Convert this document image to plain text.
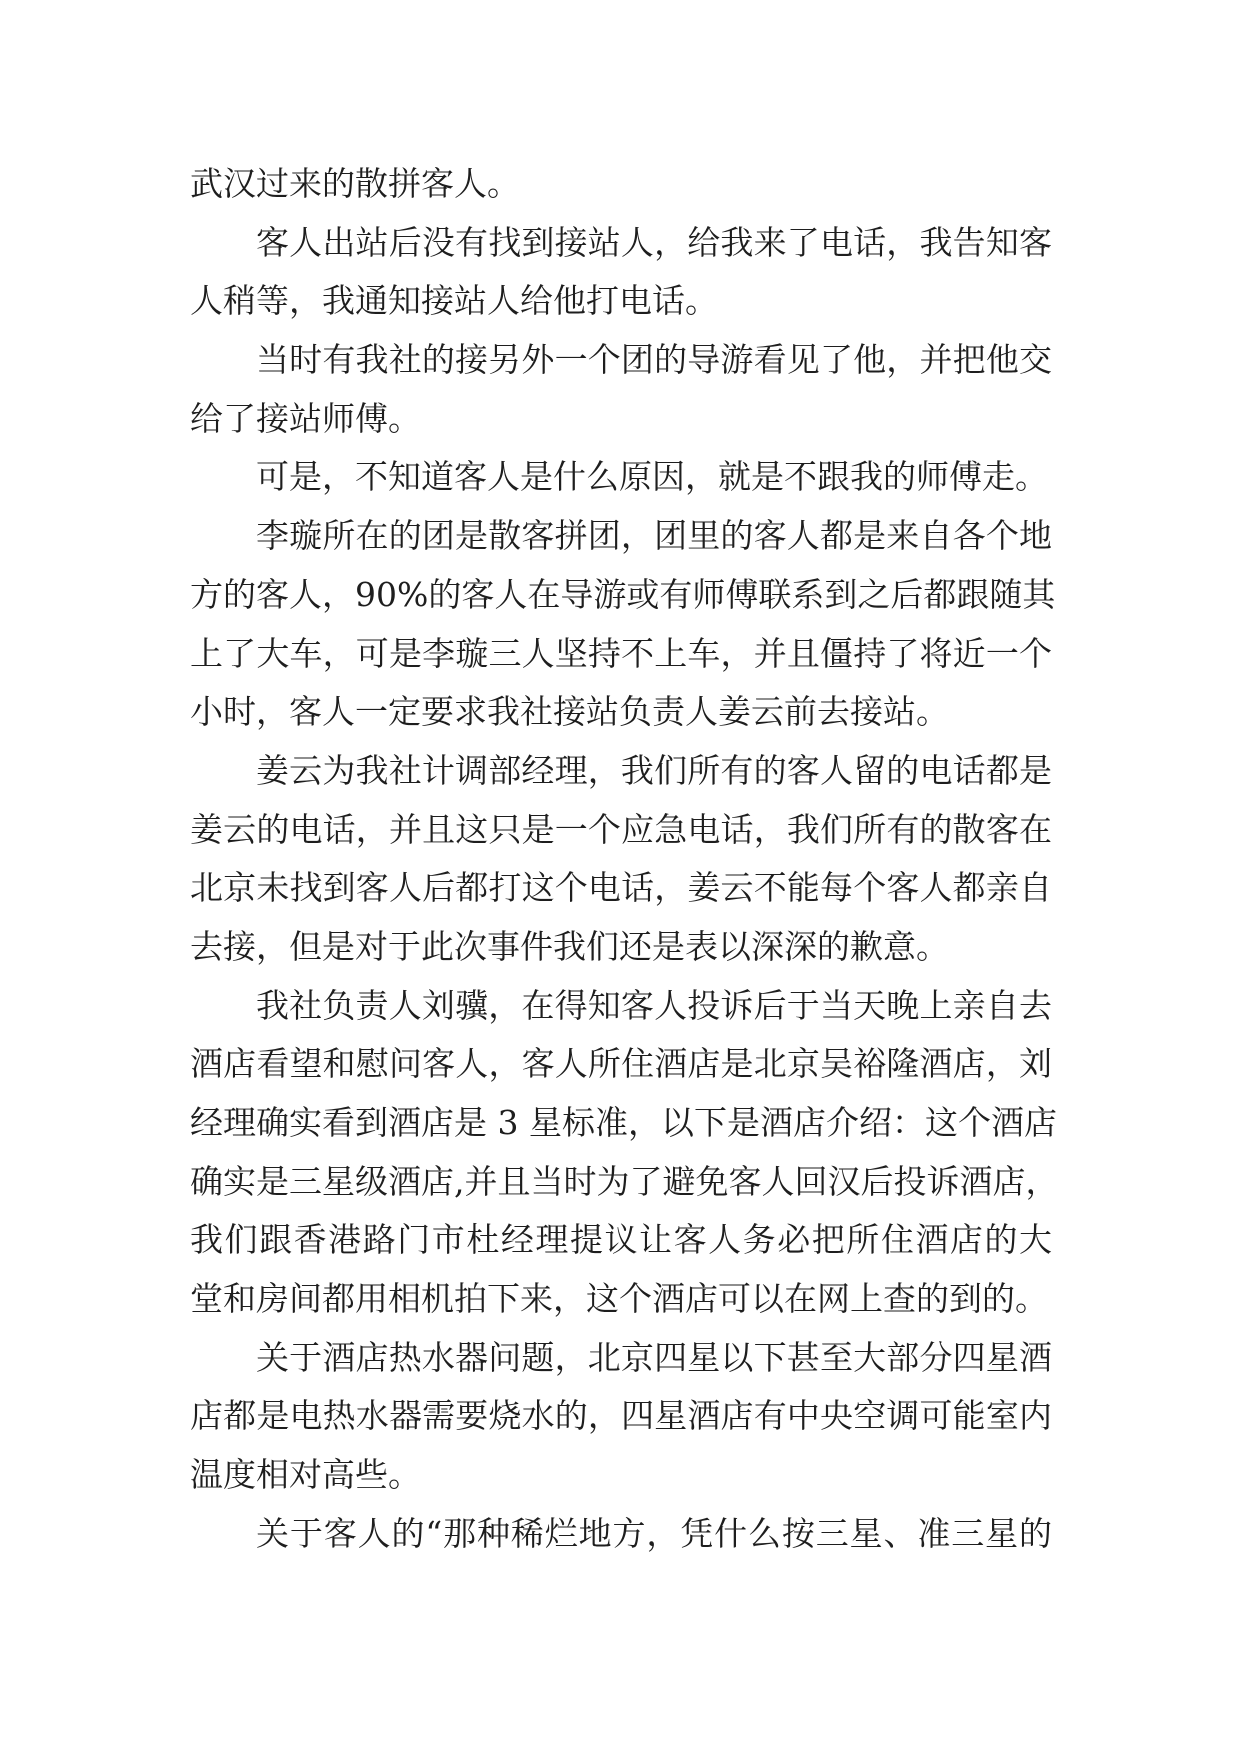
武汉过来的散拼客人。
客人出站后没有找到接站人，给我来了电话，我告知客
人稍等，我通知接站人给他打电话。
当时有我社的接另外一个团的导游看见了他，并把他交
给了接站师傅。
可是，不知道客人是什么原因，就是不跟我的师傅走。
李璇所在的团是散客拼团，团里的客人都是来自各个地
方的客人，90%的客人在导游或有师傅联系到之后都跟随其
上了大车，可是李璇三人坚持不上车，并且僵持了将近一个
小时，客人一定要求我社接站负责人姜云前去接站。
姜云为我社计调部经理，我们所有的客人留的电话都是
姜云的电话，并且这只是一个应急电话，我们所有的散客在
北京未找到客人后都打这个电话，姜云不能每个客人都亲自
去接，但是对于此次事件我们还是表以深深的歉意。
我社负责人刘骥，在得知客人投诉后于当天晚上亲自去
酒店看望和慰问客人，客人所住酒店是北京吴裕隆酒店，刘
经理确实看到酒店是 3 星标准，以下是酒店介绍：这个酒店
确实是三星级酒店,并且当时为了避免客人回汉后投诉酒店，
我们跟香港路门市杜经理提议让客人务必把所住酒店的大
堂和房间都用相机拍下来，这个酒店可以在网上查的到的。
关于酒店热水器问题，北京四星以下甚至大部分四星酒
店都是电热水器需要烧水的，四星酒店有中央空调可能室内
温度相对高些。
关于客人的“那种稀烂地方，凭什么按三星、准三星的
